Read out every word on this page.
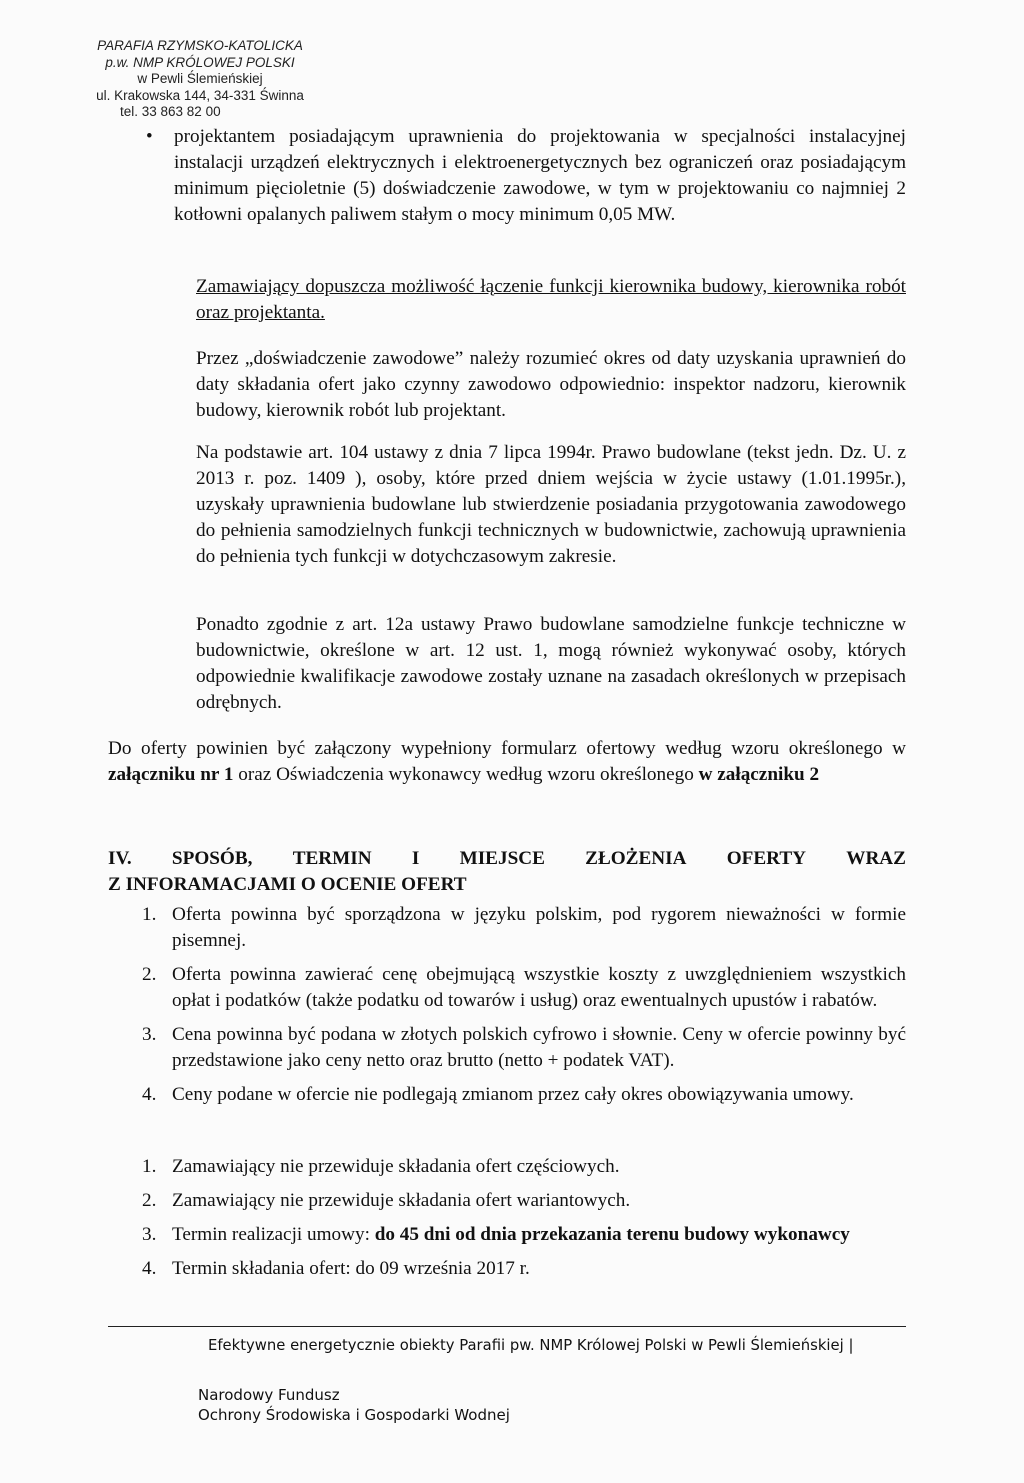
PARAFIA RZYMSKO-KATOLICKA
p.w. NMP KRÓLOWEJ POLSKI
w Pewli Ślemieńskiej
ul. Krakowska 144, 34-331 Świnna
tel. 33 863 82 00
• projektantem posiadającym uprawnienia do projektowania w specjalności instalacyjnej instalacji urządzeń elektrycznych i elektroenergetycznych bez ograniczeń oraz posiadającym minimum pięcioletnie (5) doświadczenie zawodowe, w tym w projektowaniu co najmniej 2 kotłowni opalanych paliwem stałym o mocy minimum 0,05 MW.
Zamawiający dopuszcza możliwość łączenie funkcji kierownika budowy, kierownika robót oraz projektanta.
Przez „doświadczenie zawodowe” należy rozumieć okres od daty uzyskania uprawnień do daty składania ofert jako czynny zawodowo odpowiednio: inspektor nadzoru, kierownik budowy, kierownik robót lub projektant.
Na podstawie art. 104 ustawy z dnia 7 lipca 1994r. Prawo budowlane (tekst jedn. Dz. U. z 2013 r. poz. 1409 ), osoby, które przed dniem wejścia w życie ustawy (1.01.1995r.), uzyskały uprawnienia budowlane lub stwierdzenie posiadania przygotowania zawodowego do pełnienia samodzielnych funkcji technicznych w budownictwie, zachowują uprawnienia do pełnienia tych funkcji w dotychczasowym zakresie.
Ponadto zgodnie z art. 12a ustawy Prawo budowlane samodzielne funkcje techniczne w budownictwie, określone w art. 12 ust. 1, mogą również wykonywać osoby, których odpowiednie kwalifikacje zawodowe zostały uznane na zasadach określonych w przepisach odrębnych.
Do oferty powinien być załączony wypełniony formularz ofertowy według wzoru określonego w załączniku nr 1 oraz Oświadczenia wykonawcy według wzoru określonego w załączniku 2
IV. SPOSÓB, TERMIN I MIEJSCE ZŁOŻENIA OFERTY WRAZ
Z INFORAMACJAMI O OCENIE OFERT
1. Oferta powinna być sporządzona w języku polskim, pod rygorem nieważności w formie pisemnej.
2. Oferta powinna zawierać cenę obejmującą wszystkie koszty z uwzględnieniem wszystkich opłat i podatków (także podatku od towarów i usług) oraz ewentualnych upustów i rabatów.
3. Cena powinna być podana w złotych polskich cyfrowo i słownie. Ceny w ofercie powinny być przedstawione jako ceny netto oraz brutto (netto + podatek VAT).
4. Ceny podane w ofercie nie podlegają zmianom przez cały okres obowiązywania umowy.
1. Zamawiający nie przewiduje składania ofert częściowych.
2. Zamawiający nie przewiduje składania ofert wariantowych.
3. Termin realizacji umowy: do 45 dni od dnia przekazania terenu budowy wykonawcy
4. Termin składania ofert: do 09 września 2017 r.
Efektywne energetycznie obiekty Parafii pw. NMP Królowej Polski w Pewli Ślemieńskiej |
Narodowy Fundusz
Ochrony Środowiska i Gospodarki Wodnej
